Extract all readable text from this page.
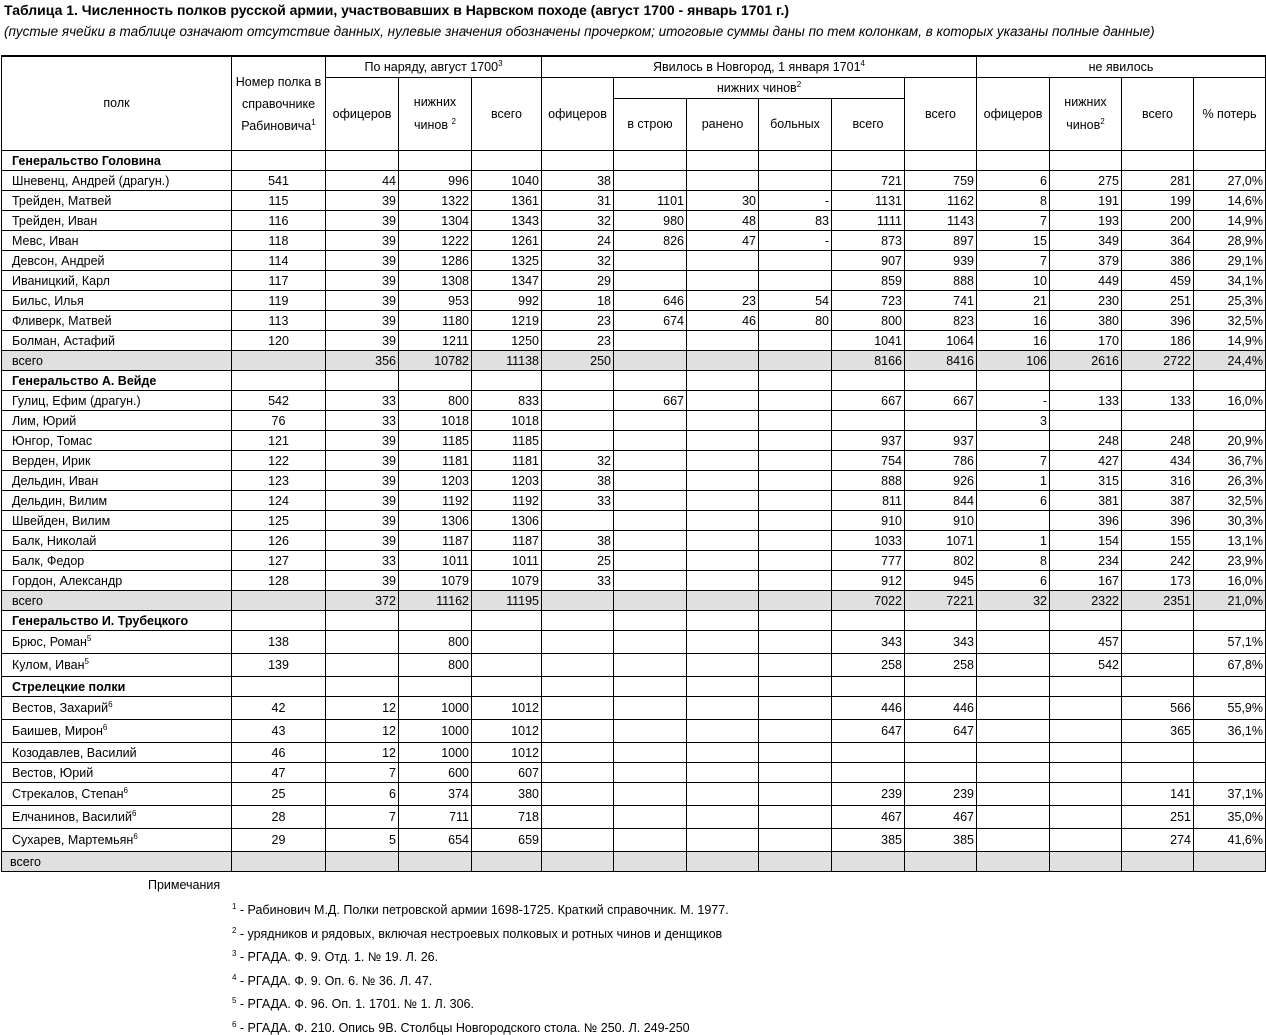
Таблица 1. Численность полков русской армии, участвовавших в Нарвском походе (август 1700 - январь 1701 г.)
(пустые ячейки в таблице означают отсутствие данных, нулевые значения обозначены прочерком; итоговые суммы даны по тем колонкам, в которых указаны полные данные)
полк	Номер полка в справочнике Рабиновича$^1$	По наряду, август 1700$^3$			Явилось в Новгород, 1 января 1701$^4$						не явилось			
		офицеров	нижних чинов $^2$	всего	офицеров	нижних чинов$^2$				всего	офицеров	нижних чинов$^2$	всего	% потерь
						в строю	ранено	больных	всего					
Генеральство Головина														
Шневенц, Андрей (драгун.)	541	44	996	1040	38				721	759	6	275	281	27,0%
Трейден, Матвей	115	39	1322	1361	31	1101	30	-	1131	1162	8	191	199	14,6%
Трейден, Иван	116	39	1304	1343	32	980	48	83	1111	1143	7	193	200	14,9%
Мевс, Иван	118	39	1222	1261	24	826	47	-	873	897	15	349	364	28,9%
Девсон, Андрей	114	39	1286	1325	32				907	939	7	379	386	29,1%
Иваницкий, Карл	117	39	1308	1347	29				859	888	10	449	459	34,1%
Бильс, Илья	119	39	953	992	18	646	23	54	723	741	21	230	251	25,3%
Фливерк, Матвей	113	39	1180	1219	23	674	46	80	800	823	16	380	396	32,5%
Болман, Астафий	120	39	1211	1250	23				1041	1064	16	170	186	14,9%
всего		356	10782	11138	250				8166	8416	106	2616	2722	24,4%
Генеральство А. Вейде														
Гулиц, Ефим (драгун.)	542	33	800	833		667			667	667	-	133	133	16,0%
Лим, Юрий	76	33	1018	1018							3			
Юнгор, Томас	121	39	1185	1185					937	937		248	248	20,9%
Верден, Ирик	122	39	1181	1181	32				754	786	7	427	434	36,7%
Дельдин, Иван	123	39	1203	1203	38				888	926	1	315	316	26,3%
Дельдин, Вилим	124	39	1192	1192	33				811	844	6	381	387	32,5%
Швейден, Вилим	125	39	1306	1306					910	910		396	396	30,3%
Балк, Николай	126	39	1187	1187	38				1033	1071	1	154	155	13,1%
Балк, Федор	127	33	1011	1011	25				777	802	8	234	242	23,9%
Гордон, Александр	128	39	1079	1079	33				912	945	6	167	173	16,0%
всего		372	11162	11195					7022	7221	32	2322	2351	21,0%
Генеральство И. Трубецкого														
Брюс, Роман$^5$	138		800						343	343		457		57,1%
Кулом, Иван$^5$	139		800						258	258		542		67,8%
Стрелецкие полки														
Вестов, Захарий$^6$	42	12	1000	1012					446	446			566	55,9%
Баишев, Мирон$^6$	43	12	1000	1012					647	647			365	36,1%
Козодавлев, Василий	46	12	1000	1012										
Вестов, Юрий	47	7	600	607										
Стрекалов, Степан$^6$	25	6	374	380					239	239			141	37,1%
Елчанинов, Василий$^6$	28	7	711	718					467	467			251	35,0%
Сухарев, Мартемьян$^6$	29	5	654	659					385	385			274	41,6%
всего														
Примечания
$^1$ - Рабинович М.Д. Полки петровской армии 1698-1725. Краткий справочник. М. 1977.
$^2$ - урядников и рядовых, включая нестроевых полковых и ротных чинов и денщиков
$^3$ - РГАДА. Ф. 9. Отд. 1. № 19. Л. 26.
$^4$ - РГАДА. Ф. 9. Оп. 6. № 36. Л. 47.
$^5$ - РГАДА. Ф. 96. Оп. 1. 1701. № 1. Л. 306.
$^6$ - РГАДА. Ф. 210. Опись 9В. Столбцы Новгородского стола. № 250. Л. 249-250
